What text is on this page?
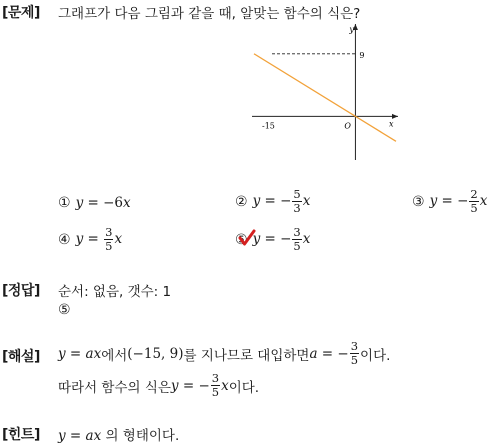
[문제] 그래프가 다음 그림과 같을 때, 알맞는 함수의 식은?
9
-15	O	x
y
① y = −6x	② y = − $\frac{5}{3}$ x	③ y = − $\frac{2}{5}$ x
④ $y = \frac{3}{5}$ x	⑤ y = − $\frac{3}{5}$ x
[정답] 순서: 없음, 갯수: 1
⑤
[해설] y = ax 에서 (−15, 9) 를 지나므로 대입하면 a = − $\frac{3}{5}$ 이다.
따라서 함수의 식은 y = − $\frac{3}{5}$ x 이다.
[힌트] y = ax 의 형태이다.
